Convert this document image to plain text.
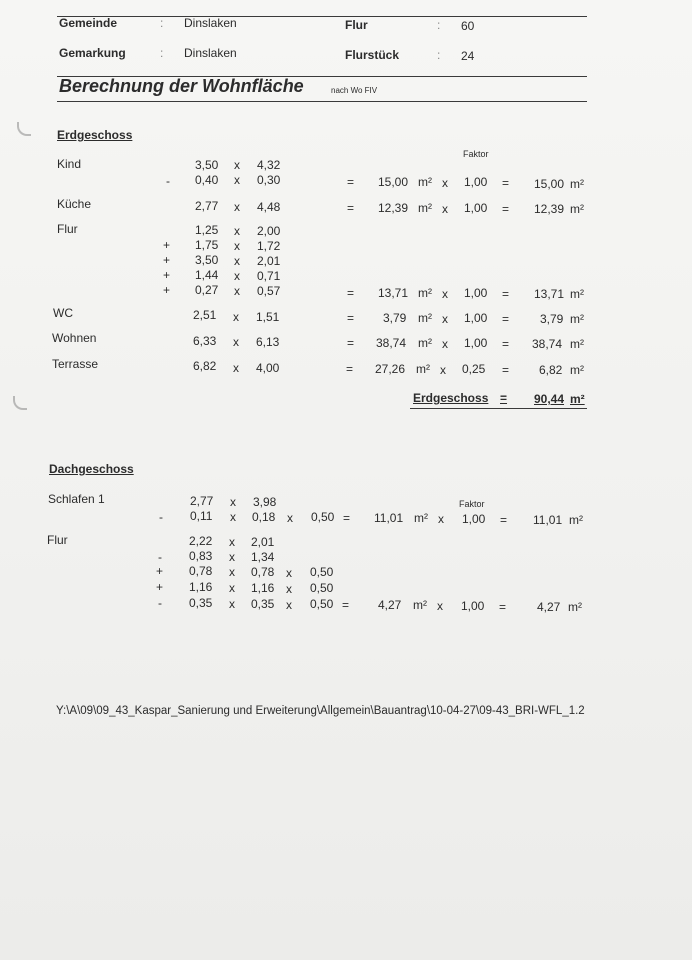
Gemeinde	: Dinslaken	Flur	: 60
Gemarkung	: Dinslaken	Flurstück	: 24
Berechnung der Wohnfläche	nach Wo FIV
Erdgeschoss
Faktor
Kind	3,50 x 4,32
- 0,40 x 0,30	= 15,00 m² x 1,00 = 15,00 m²
Küche	2,77 x 4,48	= 12,39 m² x 1,00 = 12,39 m²
Flur	1,25 x 2,00
+ 1,75 x 1,72
+ 3,50 x 2,01
+ 1,44 x 0,71
+ 0,27 x 0,57	= 13,71 m² x 1,00 = 13,71 m²
WC	2,51 x 1,51	= 3,79 m² x 1,00 =	3,79 m²
Wohnen	6,33 x 6,13	= 38,74 m² x 1,00 = 38,74 m²
Terrasse	6,82 x 4,00	= 27,26 m² x 0,25 = 6,82 m²
Erdgeschoss = 90,44 m²
Dachgeschoss
Schlafen 1	2,77 x 3,98	Faktor
- 0,11 x 0,18 x 0,50 = 11,01 m² x 1,00 = 11,01 m²
Flur	2,22 x 2,01
- 0,83 x 1,34
+ 0,78 x 0,78 x 0,50
+ 1,16 x 1,16 x 0,50
- 0,35 x 0,35 x 0,50 = 4,27 m² x 1,00 =	4,27 m²
Y:\A\09\09_43_Kaspar_Sanierung und Erweiterung\Allgemein\Bauantrag\10-04-27\09-43_BRI-WFL_1.2
